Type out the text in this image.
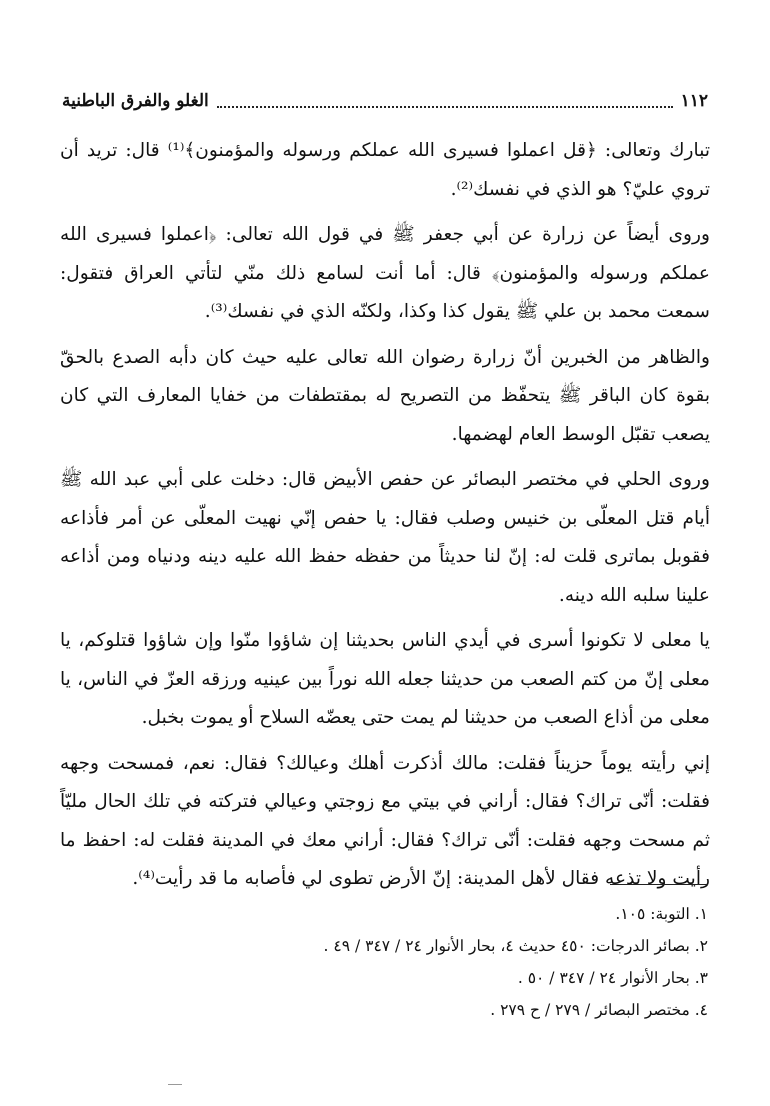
١١٢
الغلو والفرق الباطنية

تبارك وتعالى: ﴿قل اعملوا فسيرى الله عملكم ورسوله والمؤمنون﴾⁽¹⁾ قال: تريد أن تروي عليّ؟ هو الذي في نفسك⁽²⁾.

وروى أيضاً عن زرارة عن أبي جعفر ﷺ في قول الله تعالى: ﴿اعملوا فسيرى الله عملكم ورسوله والمؤمنون﴾ قال: أما أنت لسامع ذلك منّي لتأتي العراق فتقول: سمعت محمد بن علي ﷺ يقول كذا وكذا، ولكنّه الذي في نفسك⁽³⁾.

والظاهر من الخبرين أنّ زرارة رضوان الله تعالى عليه حيث كان دأبه الصدع بالحقّ بقوة كان الباقر ﷺ يتحفّظ من التصريح له بمقتطفات من خفايا المعارف التي كان يصعب تقبّل الوسط العام لهضمها.

وروى الحلي في مختصر البصائر عن حفص الأبيض قال: دخلت على أبي عبد الله ﷺ أيام قتل المعلّى بن خنيس وصلب فقال: يا حفص إنّي نهيت المعلّى عن أمر فأذاعه فقوبل بماترى قلت له: إنّ لنا حديثاً من حفظه حفظ الله عليه دينه ودنياه ومن أذاعه علينا سلبه الله دينه.

يا معلى لا تكونوا أسرى في أيدي الناس بحديثنا إن شاؤوا منّوا وإن شاؤوا قتلوكم، يا معلى إنّ من كتم الصعب من حديثنا جعله الله نوراً بين عينيه ورزقه العزّ في الناس، يا معلى من أذاع الصعب من حديثنا لم يمت حتى يعضّه السلاح أو يموت بخبل.

إني رأيته يوماً حزيناً فقلت: مالك أذكرت أهلك وعيالك؟ فقال: نعم، فمسحت وجهه فقلت: أنّى تراك؟ فقال: أراني في بيتي مع زوجتي وعيالي فتركته في تلك الحال مليّاً ثم مسحت وجهه فقلت: أنّى تراك؟ فقال: أراني معك في المدينة فقلت له: احفظ ما رأيت ولا تذعه فقال لأهل المدينة: إنّ الأرض تطوى لي فأصابه ما قد رأيت⁽⁴⁾.

١. التوبة: ١٠٥.

٢. بصائر الدرجات: ٤٥٠ حديث ٤، بحار الأنوار ٢٤ / ٣٤٧ / ٤٩ .

٣. بحار الأنوار ٢٤ / ٣٤٧ / ٥٠ .

٤. مختصر البصائر / ٢٧٩ / ح ٢٧٩ .
